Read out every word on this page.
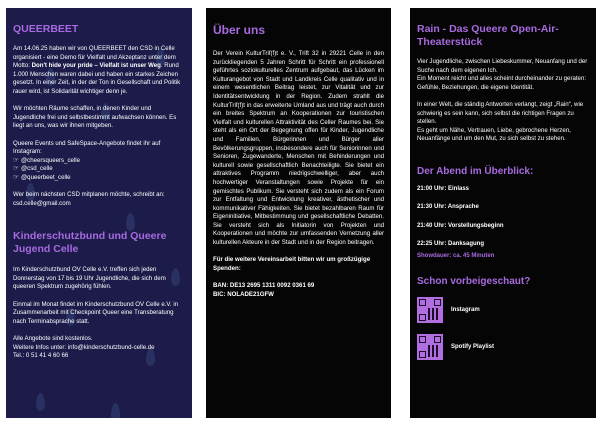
QUEERBEET

Am 14.06.25 haben wir von QUEERBEET den CSD in Celle organisiert - eine Demo für Vielfalt und Akzeptanz unter dem Motto: Don't hide your pride – Vielfalt ist unser Weg. Rund 1.000 Menschen waren dabei und haben ein starkes Zeichen gesetzt. In einer Zeit, in der der Ton in Gesellschaft und Politik rauer wird, ist Solidarität wichtiger denn je.

Wir möchten Räume schaffen, in denen Kinder und Jugendliche frei und selbstbestimmt aufwachsen können. Es liegt an uns, was wir ihnen mitgeben.

Queere Events und SafeSpace-Angebote findet ihr auf Instagram:

☞ @cheersqueers_celle
☞ @csd_celle
☞ @queerbeet_celle

Wer beim nächsten CSD mitplanen möchte, schreibt an: csd.celle@gmail.com

Kinderschutzbund und Queere Jugend Celle

Im Kinderschutzbund OV Celle e.V. treffen sich jeden Donnerstag von 17 bis 19 Uhr Jugendliche, die sich dem queeren Spektrum zugehörig fühlen.

Einmal im Monat findet im Kinderschutzbund OV Celle e.V. in Zusammenarbeit mit Checkpoint Queer eine Transberatung nach Terminabsprache statt.

Alle Angebote sind kostenlos.

Weitere Infos unter: info@kinderschutzbund-celle.de

Tel.: 0 51 41 4 60 66

Über uns

Der Verein KulturTrif(f)t e. V., Trift 32 in 29221 Celle in den zurückliegenden 5 Jahren Schritt für Schritt ein professionell geführtes soziokulturelles Zentrum aufgebaut, das Lücken im Kulturangebot von Stadt und Landkreis Celle qualitativ und in einem wesentlichen Beitrag leistet, zur Vitalität und zur Identitätsentwicklung in der Region. Zudem strahlt die KulturTrif(f)t in das erweiterte Umland aus und trägt auch durch ein breites Spektrum an Kooperationen zur touristischen Vielfalt und kulturellen Attraktivität des Celler Raumes bei. Sie steht als ein Ort der Begegnung offen für Kinder, Jugendliche und Familien, Bürgerinnen und Bürger aller Bevölkerungsgruppen, insbesondere auch für Seniorinnen und Senioren, Zugewanderte, Menschen mit Behinderungen und kulturell sowie gesellschaftlich Benachteiligte. Sie bietet ein attraktives Programm niedrigschwelliger, aber auch hochwertiger Veranstaltungen sowie Projekte für ein gemischtes Publikum. Sie versteht sich zudem als ein Forum zur Entfaltung und Entwicklung kreativer, ästhetischer und kommunikativer Fähigkeiten. Sie bietet bezahlbaren Raum für Eigeninitiative, Mitbestimmung und gesellschaftliche Debatten. Sie versteht sich als Initiatorin von Projekten und Kooperationen und möchte zur umfassenden Vernetzung aller kulturellen Akteure in der Stadt und in der Region beitragen.

Für die weitere Vereinsarbeit bitten wir um großzügige Spenden:

BAN: DE13 2695 1311 0092 0361 69

BIC: NOLADE21GFW

Rain - Das Queere Open-Air-Theaterstück

Vier Jugendliche, zwischen Liebeskummer, Neuanfang und der Suche nach dem eigenen Ich.

Ein Moment reicht und alles scheint durcheinander zu geraten: Gefühle, Beziehungen, die eigene Identität.

In einer Welt, die ständig Antworten verlangt, zeigt „Rain“, wie schwierig es sein kann, sich selbst die richtigen Fragen zu stellen.

Es geht um Nähe, Vertrauen, Liebe, gebrochene Herzen, Neuanfänge und um den Mut, zu sich selbst zu stehen.

Der Abend im Überblick:

21:00 Uhr: Einlass
21:30 Uhr: Ansprache
21:40 Uhr: Vorstellungsbeginn
22:25 Uhr: Danksagung
Showdauer: ca. 45 Minuten

Schon vorbeigeschaut?

Instagram
Spotify Playlist
